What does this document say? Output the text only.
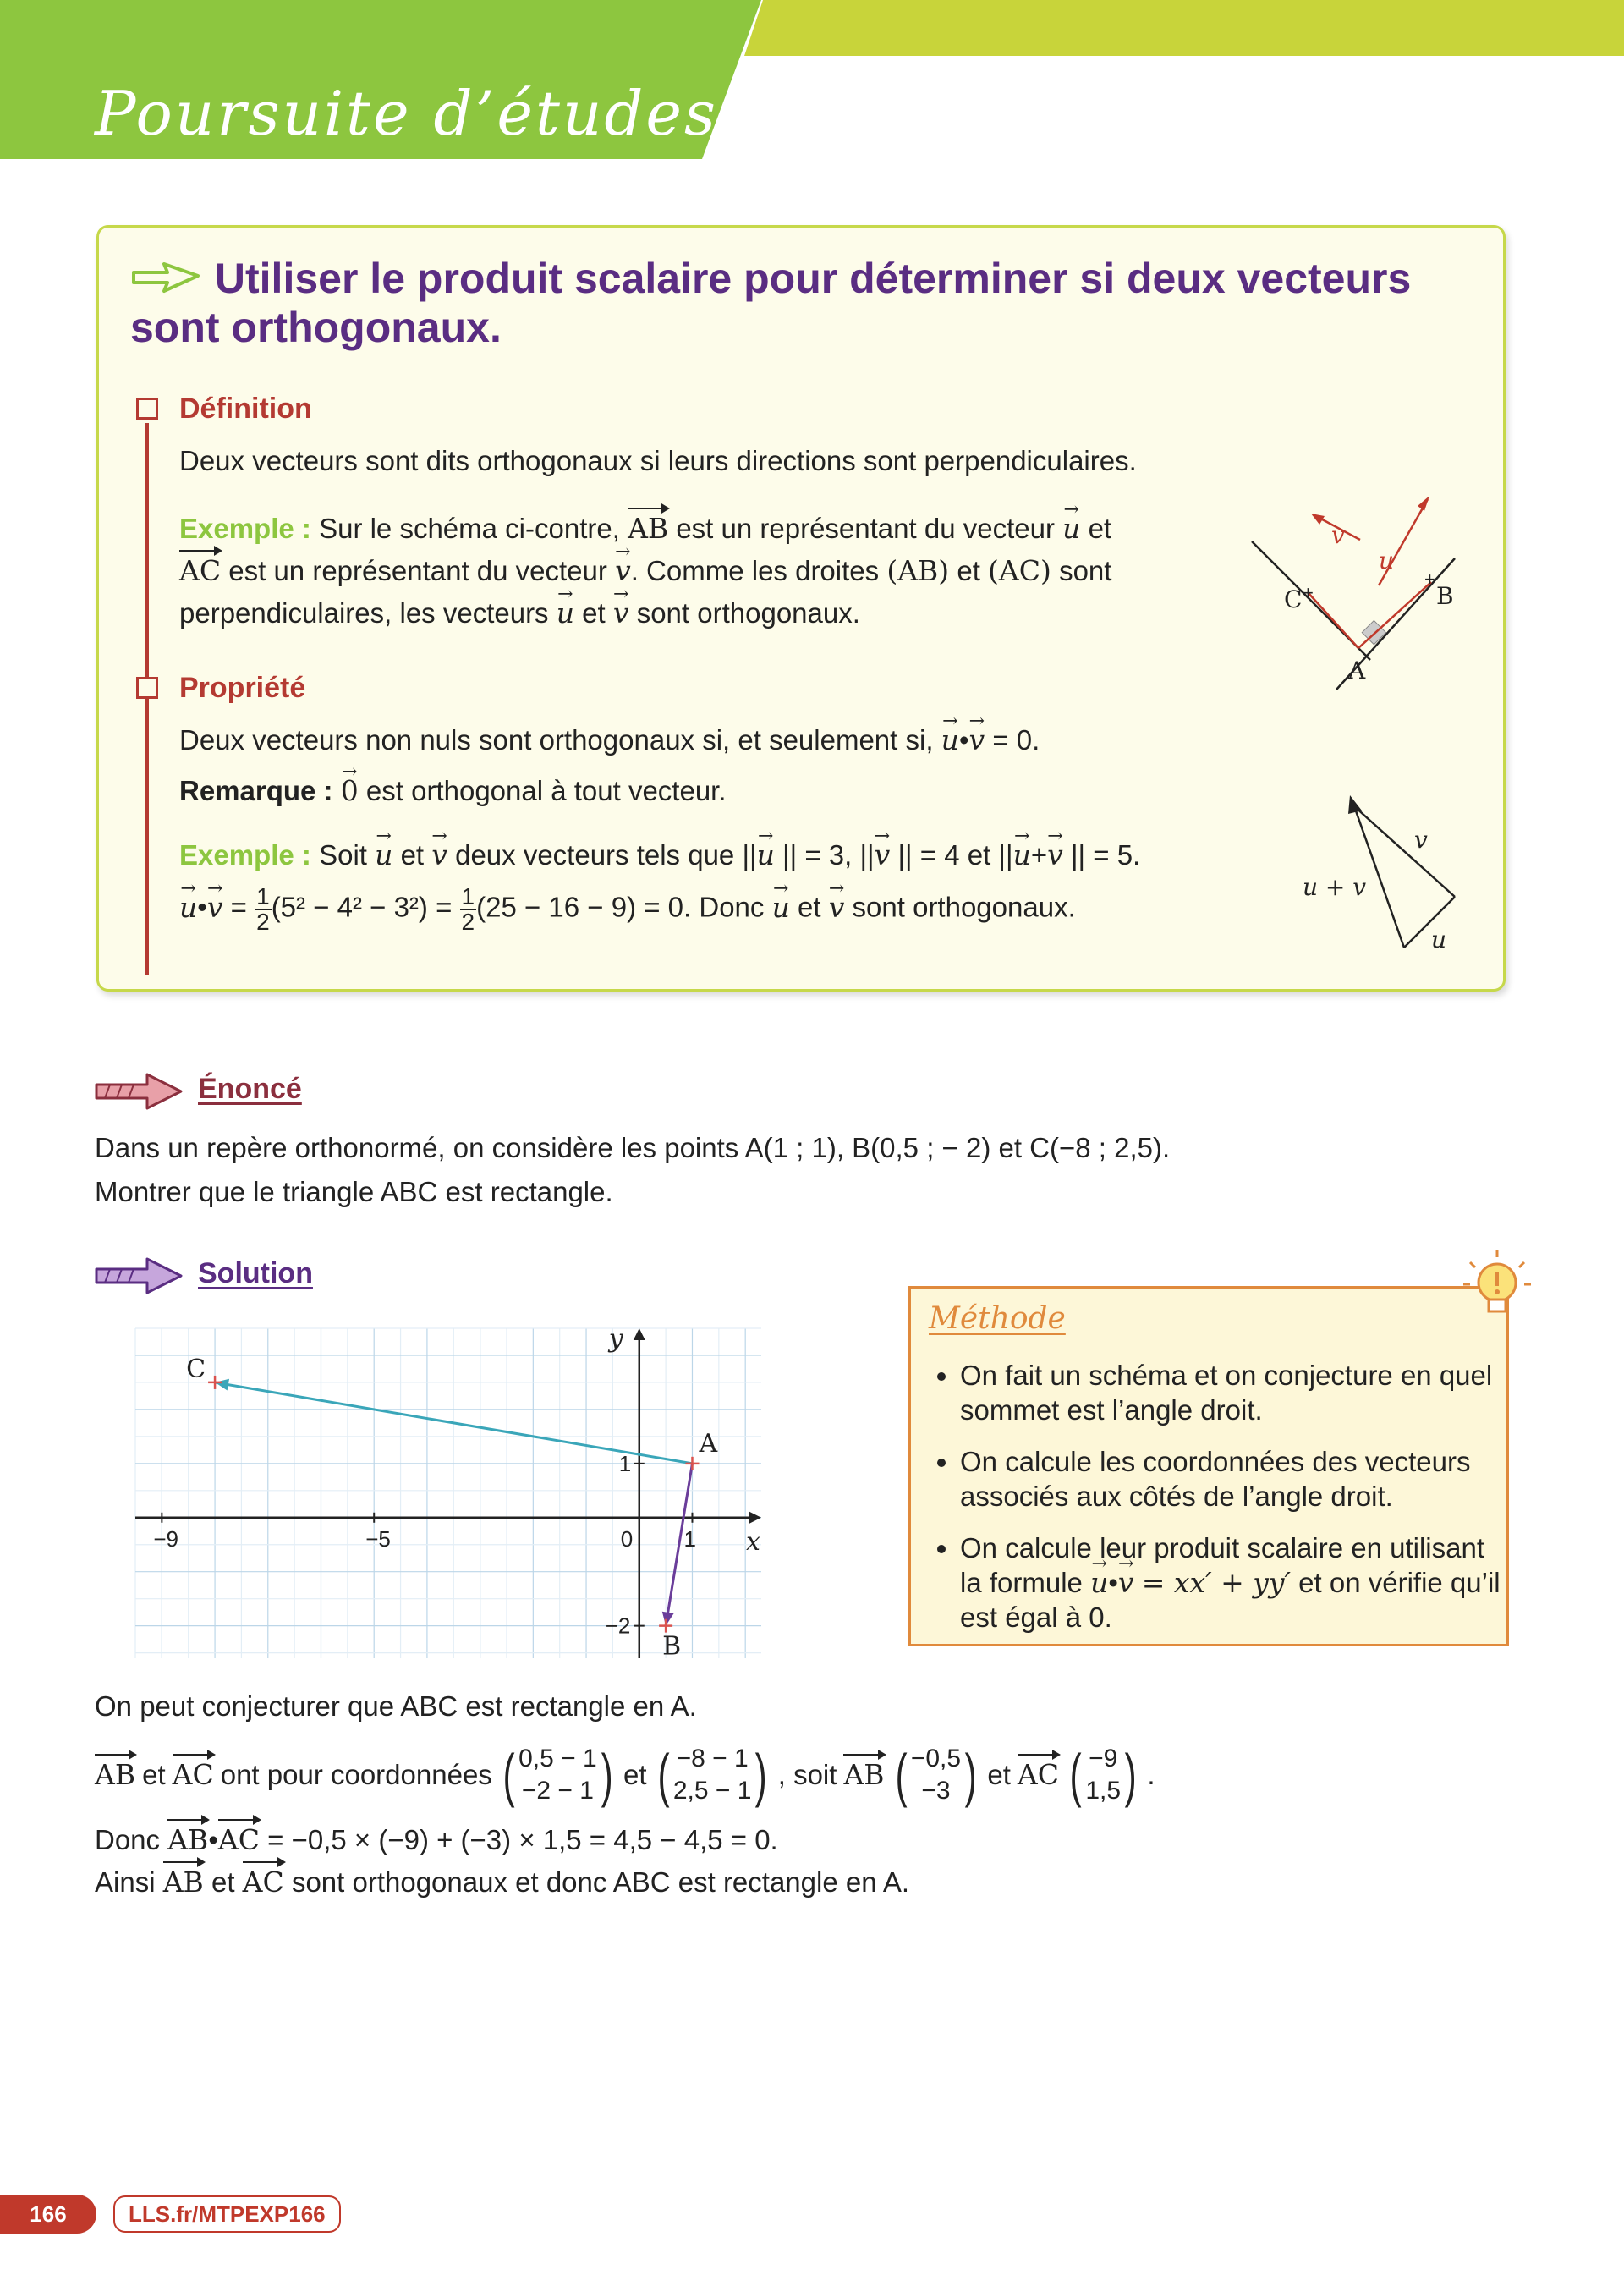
Poursuite d’études
Utiliser le produit scalaire pour déterminer si deux vecteurs
sont orthogonaux.
Définition
Deux vecteurs sont dits orthogonaux si leurs directions sont perpendiculaires.
Exemple : Sur le schéma ci-contre, AB est un représentant du vecteur u → et
AC est un représentant du vecteur v →. Comme les droites (AB) et (AC) sont
perpendiculaires, les vecteurs u → et v → sont orthogonaux.	C	B
A
v
u
+
+
Propriété
Deux vecteurs non nuls sont orthogonaux si, et seulement si, u →•v → = 0.
Remarque : 0 → est orthogonal à tout vecteur.
Exemple : Soit u → et v → deux vecteurs tels que ||u → || = 3, ||v → || = 4 et ||u →+v → || = 5.
u →•v → = $\frac{1}{2} (5^2 - 4^2 - 3^2) = \frac{1}{2} (25 - 16 - 9) = 0$. Donc u → et v → sont orthogonaux.
u + v
v
u
Énoncé
Dans un repère orthonormé, on considère les points A(1 ; 1), B(0,5 ; − 2) et C(−8 ; 2,5).
Montrer que le triangle ABC est rectangle.
Solution
x
y
−9	−5	0 1
1
−2
A
B
C	• On fait un schéma et on conjecture en quel sommet est l’angle droit.
• On calcule les coordonnées des vecteurs associés aux côtés de l’angle droit.
• On calcule leur produit scalaire en utilisant la formule u →•v → = xx′ + yy′ et on vérifie qu’il est égal à 0.
Méthode
On peut conjecturer que ABC est rectangle en A.
AB et AC ont pour coordonnées ( 0,5 − 1
−2 − 1 ) et ( −8 − 1
2,5 − 1 ) , soit AB ( −0,5
−3 ) et AC ( −9
1,5 ) .
Donc AB•AC = −0,5 × (−9) + (−3) × 1,5 = 4,5 − 4,5 = 0.
Ainsi AB et AC sont orthogonaux et donc ABC est rectangle en A.
166	LLS.fr/MTPEXP166
